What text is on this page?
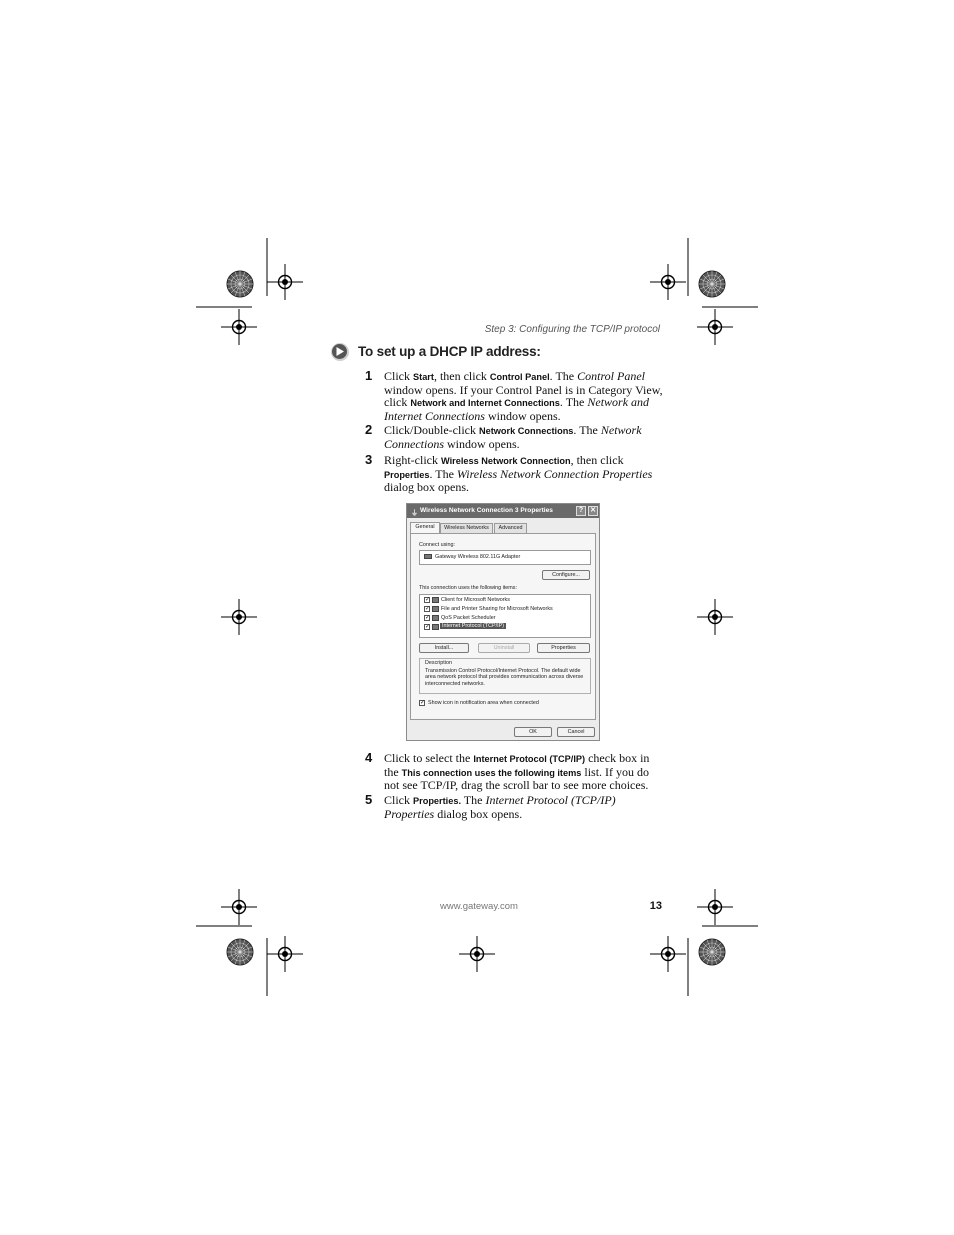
Step 3: Configuring the TCP/IP protocol
To set up a DHCP IP address:
1 Click Start, then click Control Panel. The Control Panel window opens. If your Control Panel is in Category View, click Network and Internet Connections. The Network and Internet Connections window opens.
2 Click/Double-click Network Connections. The Network Connections window opens.
3 Right-click Wireless Network Connection, then click Properties. The Wireless Network Connection Properties dialog box opens.
⏚ Wireless Network Connection 3 Properties	? ✕
General	Wireless Networks	Advanced
Connect using:
Gateway Wireless 802.11G Adapter
Configure...
This connection uses the following items:
✓ Client for Microsoft Networks
✓ File and Printer Sharing for Microsoft Networks
✓ QoS Packet Scheduler
✓	Internet Protocol (TCP/IP)
Install...	Uninstall	Properties
Description
Transmission Control Protocol/Internet Protocol. The default wide area network protocol that provides communication across diverse interconnected networks.
✓ Show icon in notification area when connected
OK	Cancel
4 Click to select the Internet Protocol (TCP/IP) check box in the This connection uses the following items list. If you do not see TCP/IP, drag the scroll bar to see more choices.
5 Click Properties. The Internet Protocol (TCP/IP) Properties dialog box opens.
www.gateway.com	13
